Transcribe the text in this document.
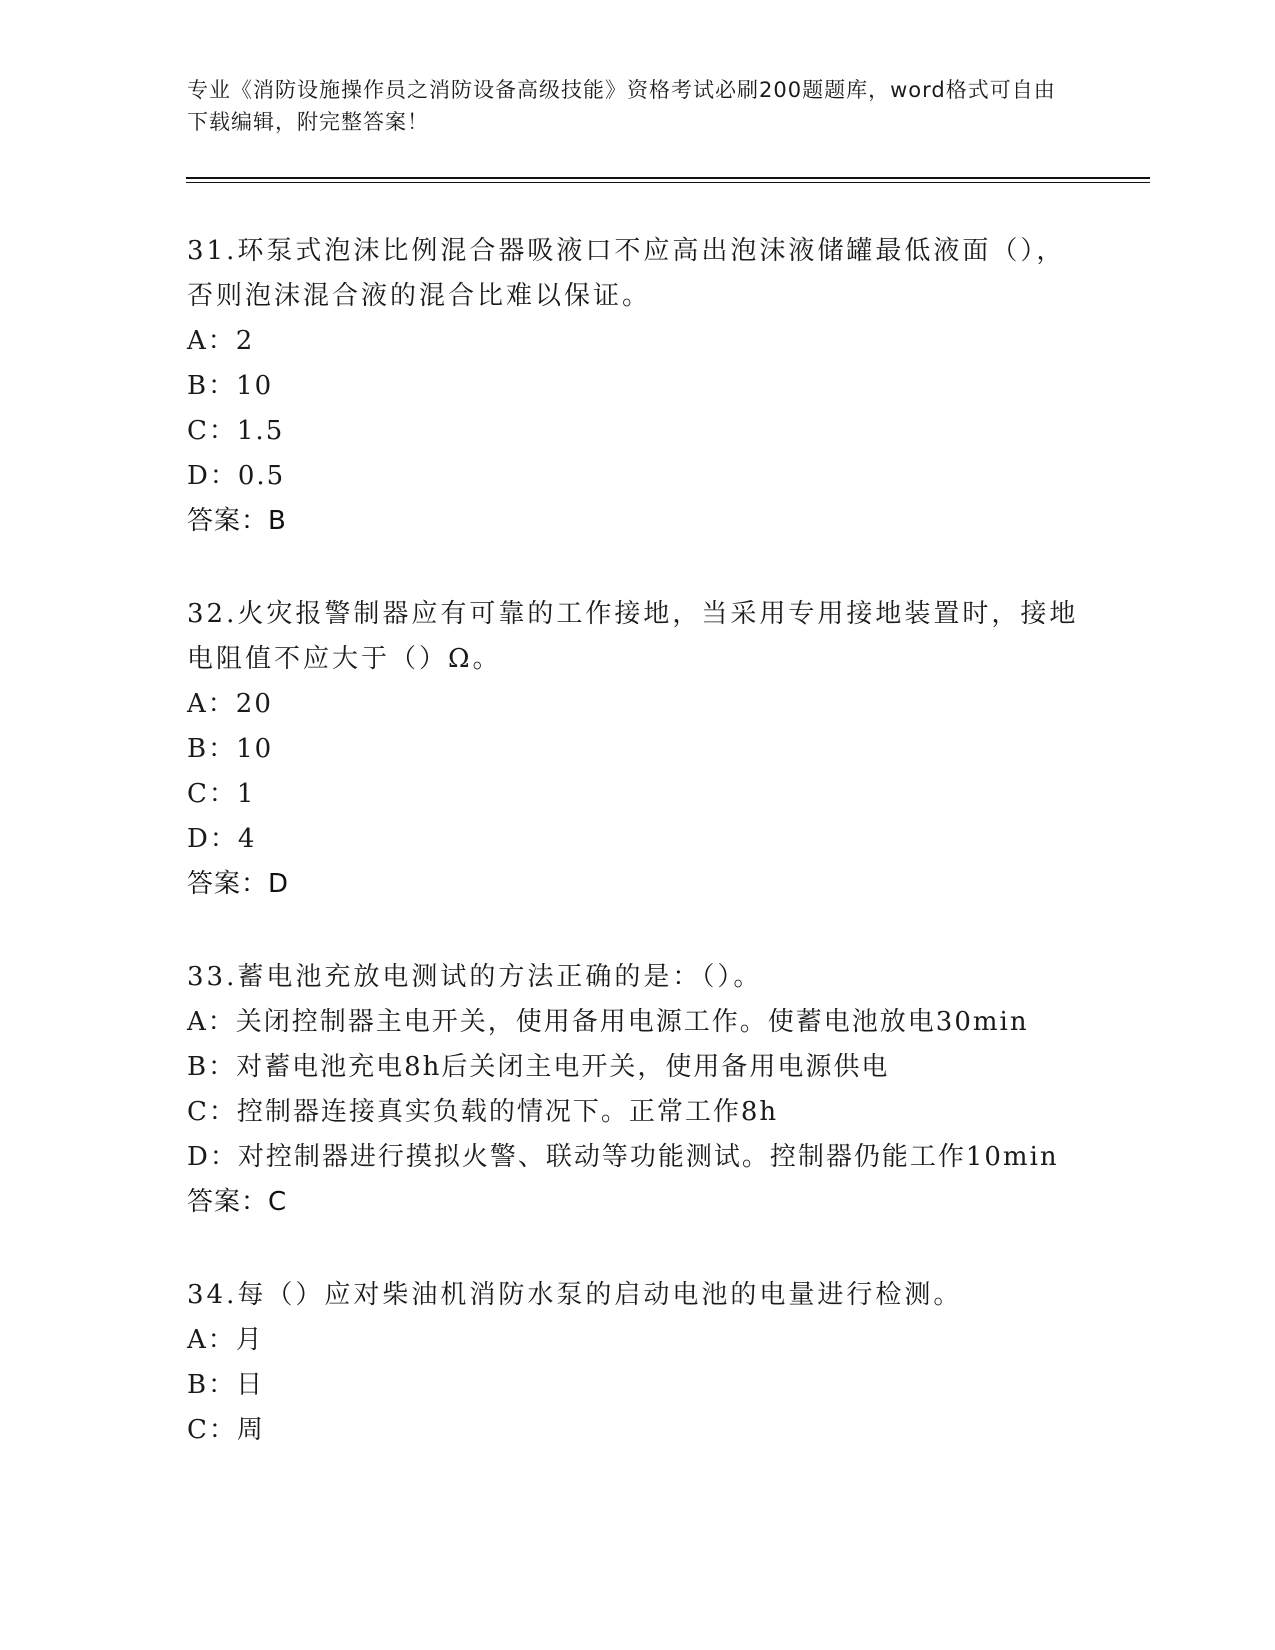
专业《消防设施操作员之消防设备高级技能》资格考试必刷200题题库，word格式可自由下载编辑，附完整答案！

31.环泵式泡沫比例混合器吸液口不应高出泡沫液储罐最低液面（），否则泡沫混合液的混合比难以保证。

A：2

B：10

C：1.5

D：0.5

答案：B

32.火灾报警制器应有可靠的工作接地，当采用专用接地装置时，接地电阻值不应大于（）Ω。

A：20

B：10

C：1

D：4

答案：D

33.蓄电池充放电测试的方法正确的是：（）。

A：关闭控制器主电开关，使用备用电源工作。使蓄电池放电30min

B：对蓄电池充电8h后关闭主电开关，使用备用电源供电

C：控制器连接真实负载的情况下。正常工作8h

D：对控制器进行摸拟火警、联动等功能测试。控制器仍能工作10min

答案：C

34.每（）应对柴油机消防水泵的启动电池的电量进行检测。

A：月

B：日

C：周
